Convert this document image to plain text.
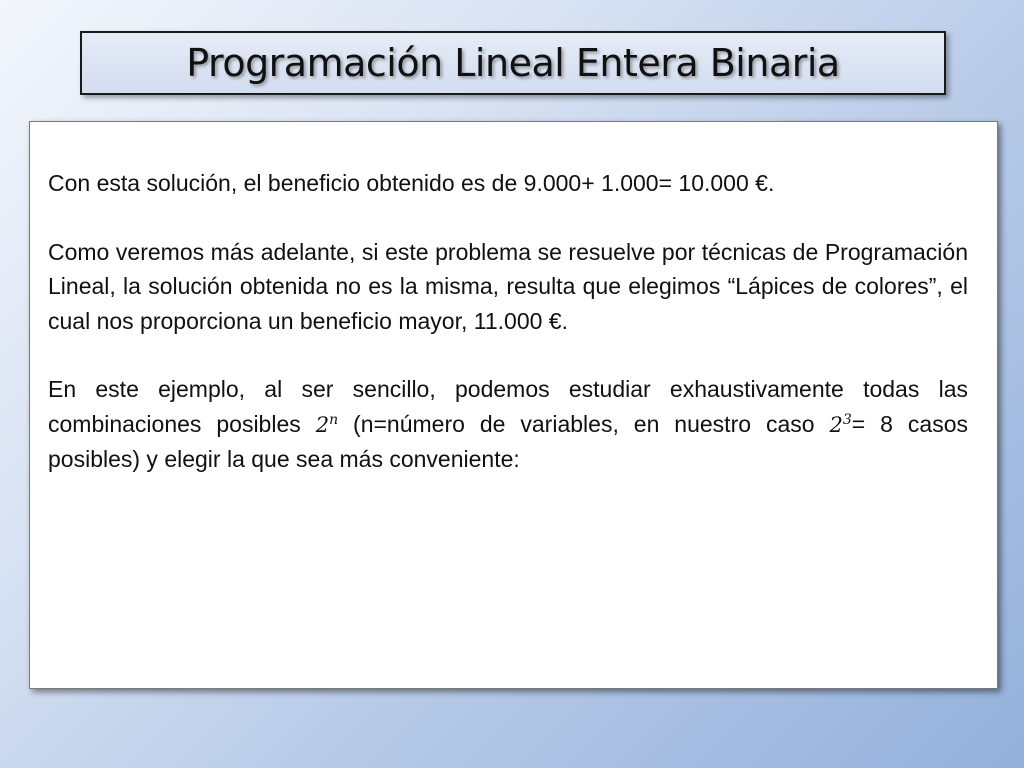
Programación Lineal Entera Binaria

Con esta solución, el beneficio obtenido es de 9.000+ 1.000= 10.000 €.

Como veremos más adelante, si este problema se resuelve por técnicas de Programación Lineal, la solución obtenida no es la misma, resulta que elegimos “Lápices de colores”, el cual nos proporciona un beneficio mayor, 11.000 €.

En este ejemplo, al ser sencillo, podemos estudiar exhaustivamente todas las combinaciones posibles 2$^n$ (n=número de variables, en nuestro caso $2^3= 8$ casos posibles) y elegir la que sea más conveniente:
